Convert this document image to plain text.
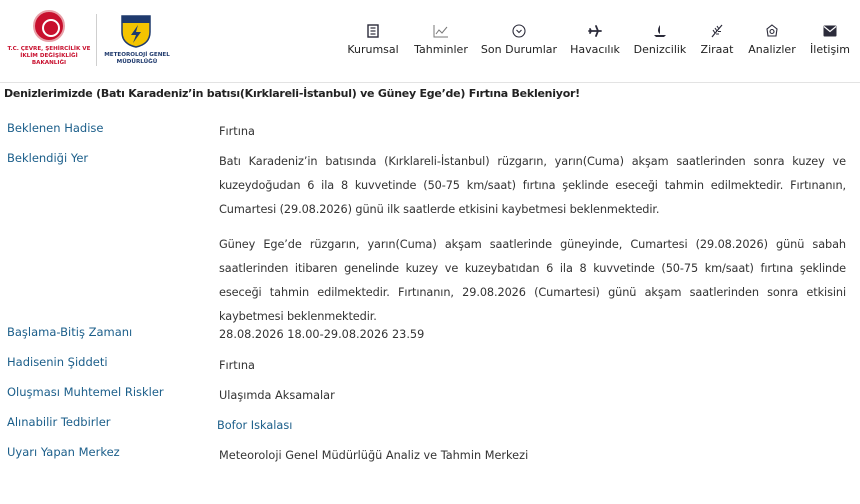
T.C. ÇEVRE, ŞEHİRCİLİK VE İKLİM DEĞİŞİKLİĞİ BAKANLIĞI
METEOROLOJİ GENEL MÜDÜRLÜĞÜ
Kurumsal Tahminler Son Durumlar Havacılık Denizcilik Ziraat Analizler	İletişim
Denizlerimizde (Batı Karadeniz’in batısı(Kırklareli-İstanbul) ve Güney Ege’de) Fırtına Bekleniyor!
Beklenen Hadise	Fırtına
Beklendiği Yer	Batı Karadeniz’in batısında (Kırklareli-İstanbul) rüzgarın, yarın(Cuma) akşam saatlerinden sonra kuzey ve kuzeydoğudan 6 ila 8 kuvvetinde (50-75 km/saat) fırtına şeklinde eseceği tahmin edilmektedir. Fırtınanın, Cumartesi (29.08.2026) günü ilk saatlerde etkisini kaybetmesi beklenmektedir.
Güney Ege’de rüzgarın, yarın(Cuma) akşam saatlerinde güneyinde, Cumartesi (29.08.2026) günü sabah saatlerinden itibaren genelinde kuzey ve kuzeybatıdan 6 ila 8 kuvvetinde (50-75 km/saat) fırtına şeklinde eseceği tahmin edilmektedir. Fırtınanın, 29.08.2026 (Cumartesi) günü akşam saatlerinden sonra etkisini kaybetmesi beklenmektedir.
Başlama-Bitiş Zamanı	28.08.2026 18.00-29.08.2026 23.59
Hadisenin Şiddeti	Fırtına
Oluşması Muhtemel Riskler	Ulaşımda Aksamalar
Alınabilir Tedbirler	Bofor Iskalası
Uyarı Yapan Merkez	Meteoroloji Genel Müdürlüğü Analiz ve Tahmin Merkezi
